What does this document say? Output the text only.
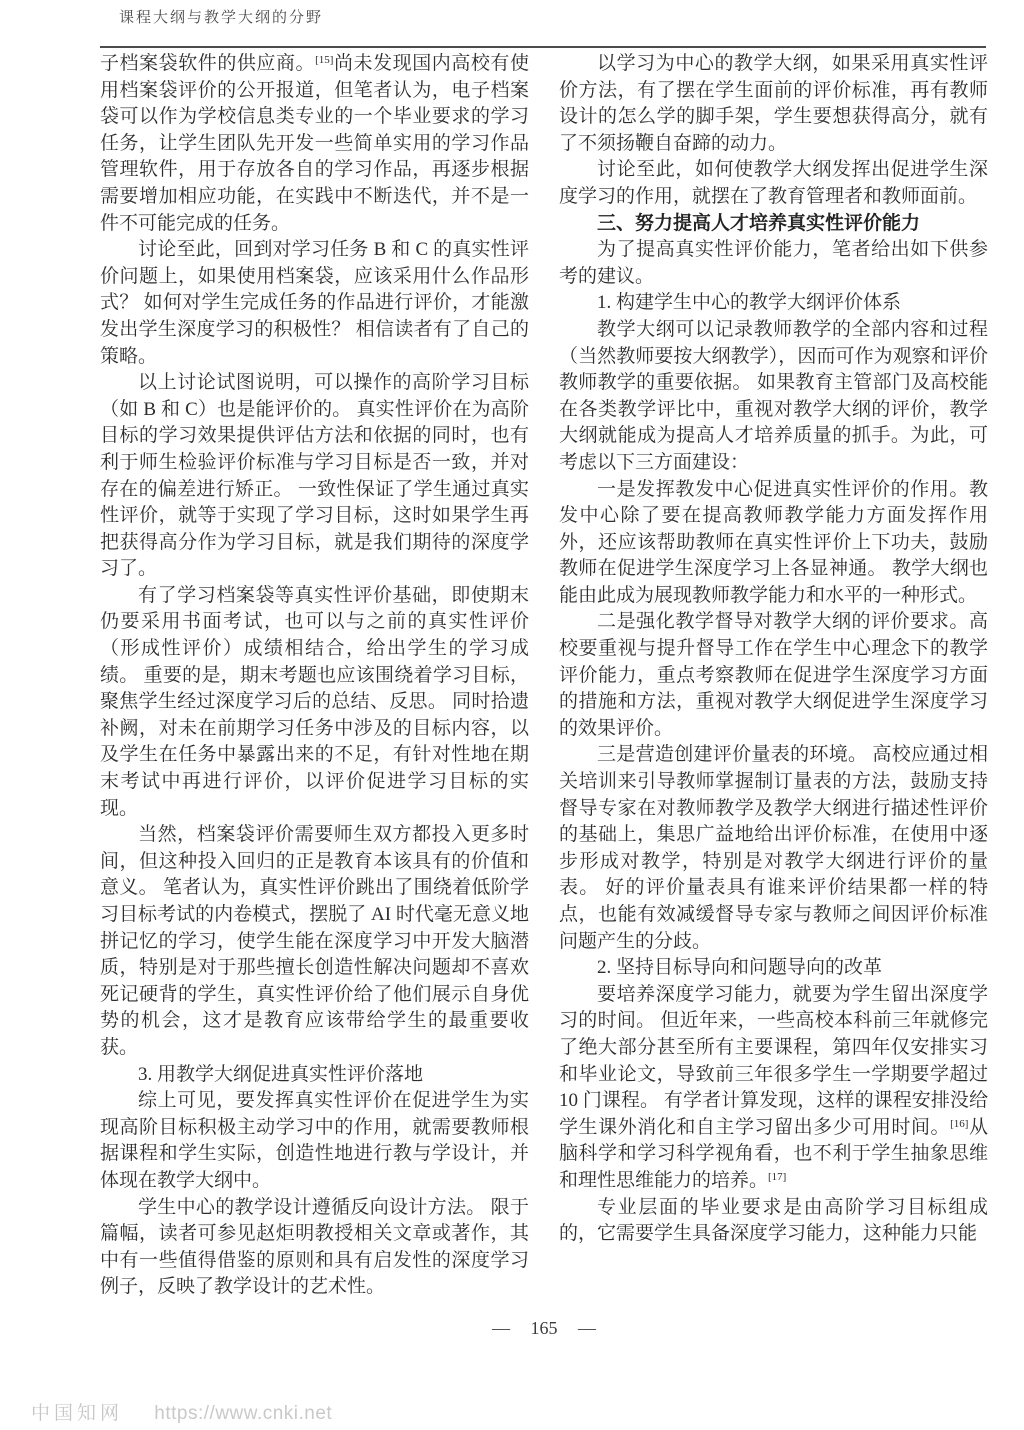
课程大纲与教学大纲的分野

子档案袋软件的供应商。[15]尚未发现国内高校有使用档案袋评价的公开报道，但笔者认为，电子档案袋可以作为学校信息类专业的一个毕业要求的学习任务，让学生团队先开发一些简单实用的学习作品管理软件，用于存放各自的学习作品，再逐步根据需要增加相应功能，在实践中不断迭代，并不是一件不可能完成的任务。

讨论至此，回到对学习任务 B 和 C 的真实性评价问题上，如果使用档案袋，应该采用什么作品形式？ 如何对学生完成任务的作品进行评价，才能激发出学生深度学习的积极性？ 相信读者有了自己的策略。

以上讨论试图说明，可以操作的高阶学习目标（如 B 和 C）也是能评价的。 真实性评价在为高阶目标的学习效果提供评估方法和依据的同时，也有利于师生检验评价标准与学习目标是否一致，并对存在的偏差进行矫正。 一致性保证了学生通过真实性评价，就等于实现了学习目标，这时如果学生再把获得高分作为学习目标，就是我们期待的深度学习了。

有了学习档案袋等真实性评价基础，即使期末仍要采用书面考试，也可以与之前的真实性评价（形成性评价）成绩相结合，给出学生的学习成绩。 重要的是，期末考题也应该围绕着学习目标，聚焦学生经过深度学习后的总结、反思。 同时拾遗补阙，对未在前期学习任务中涉及的目标内容，以及学生在任务中暴露出来的不足，有针对性地在期末考试中再进行评价，以评价促进学习目标的实现。

当然，档案袋评价需要师生双方都投入更多时间，但这种投入回归的正是教育本该具有的价值和意义。 笔者认为，真实性评价跳出了围绕着低阶学习目标考试的内卷模式，摆脱了 AI 时代毫无意义地拼记忆的学习，使学生能在深度学习中开发大脑潜质，特别是对于那些擅长创造性解决问题却不喜欢死记硬背的学生，真实性评价给了他们展示自身优势的机会，这才是教育应该带给学生的最重要收获。

3. 用教学大纲促进真实性评价落地

综上可见，要发挥真实性评价在促进学生为实现高阶目标积极主动学习中的作用，就需要教师根据课程和学生实际，创造性地进行教与学设计，并体现在教学大纲中。

学生中心的教学设计遵循反向设计方法。 限于篇幅，读者可参见赵炬明教授相关文章或著作，其中有一些值得借鉴的原则和具有启发性的深度学习例子，反映了教学设计的艺术性。

以学习为中心的教学大纲，如果采用真实性评价方法，有了摆在学生面前的评价标准，再有教师设计的怎么学的脚手架，学生要想获得高分，就有了不须扬鞭自奋蹄的动力。

讨论至此，如何使教学大纲发挥出促进学生深度学习的作用，就摆在了教育管理者和教师面前。

三、努力提高人才培养真实性评价能力

为了提高真实性评价能力，笔者给出如下供参考的建议。

1. 构建学生中心的教学大纲评价体系

教学大纲可以记录教师教学的全部内容和过程（当然教师要按大纲教学），因而可作为观察和评价教师教学的重要依据。 如果教育主管部门及高校能在各类教学评比中，重视对教学大纲的评价，教学大纲就能成为提高人才培养质量的抓手。为此，可考虑以下三方面建设：

一是发挥教发中心促进真实性评价的作用。教发中心除了要在提高教师教学能力方面发挥作用外，还应该帮助教师在真实性评价上下功夫，鼓励教师在促进学生深度学习上各显神通。 教学大纲也能由此成为展现教师教学能力和水平的一种形式。

二是强化教学督导对教学大纲的评价要求。高校要重视与提升督导工作在学生中心理念下的教学评价能力，重点考察教师在促进学生深度学习方面的措施和方法，重视对教学大纲促进学生深度学习的效果评价。

三是营造创建评价量表的环境。 高校应通过相关培训来引导教师掌握制订量表的方法，鼓励支持督导专家在对教师教学及教学大纲进行描述性评价的基础上，集思广益地给出评价标准，在使用中逐步形成对教学，特别是对教学大纲进行评价的量表。 好的评价量表具有谁来评价结果都一样的特点，也能有效减缓督导专家与教师之间因评价标准问题产生的分歧。

2. 坚持目标导向和问题导向的改革

要培养深度学习能力，就要为学生留出深度学习的时间。 但近年来，一些高校本科前三年就修完了绝大部分甚至所有主要课程，第四年仅安排实习和毕业论文，导致前三年很多学生一学期要学超过 10 门课程。 有学者计算发现，这样的课程安排没给学生课外消化和自主学习留出多少可用时间。[16]从脑科学和学习科学视角看，也不利于学生抽象思维和理性思维能力的培养。[17]

专业层面的毕业要求是由高阶学习目标组成的，它需要学生具备深度学习能力，这种能力只能

— 165 —
中国知网 https://www.cnki.net
